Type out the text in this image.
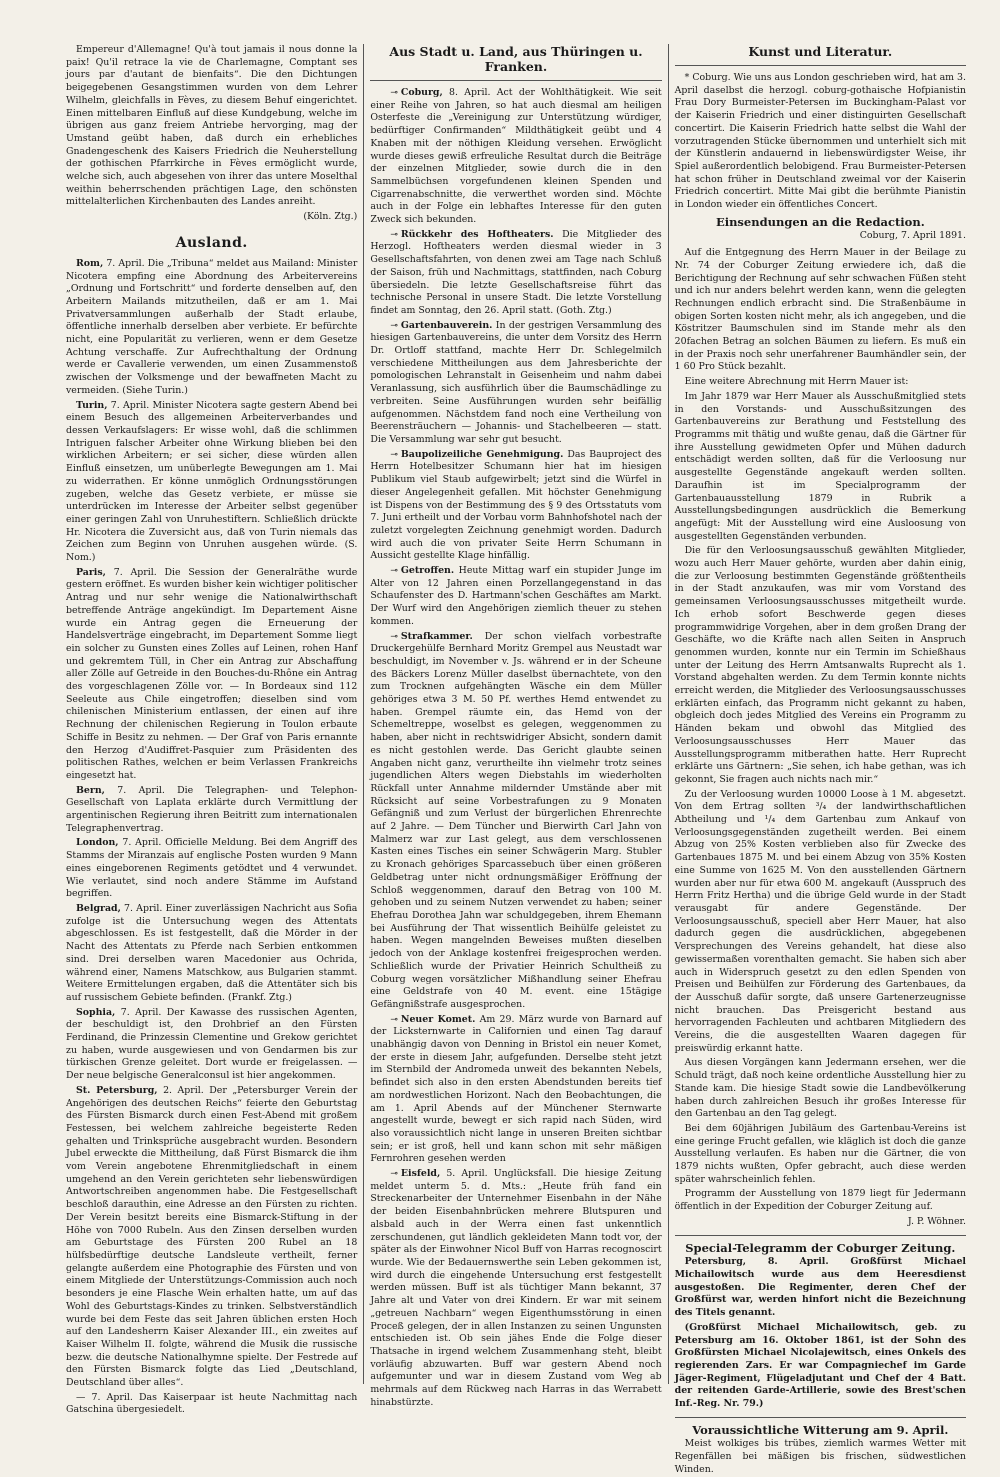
Empereur d'Allemagne! Qu'à tout jamais il nous donne la paix! Qu'il retrace la vie de Charlemagne, Comptant ses jours par d'autant de bienfaits“. Die den Dichtungen beigegebenen Gesangstimmen wurden von dem Lehrer Wilhelm, gleichfalls in Fèves, zu diesem Behuf eingerichtet. Einen mittelbaren Einfluß auf diese Kundgebung, welche im übrigen aus ganz freiem Antriebe hervorging, mag der Umstand geübt haben, daß durch ein erhebliches Gnadengeschenk des Kaisers Friedrich die Neuherstellung der gothischen Pfarrkirche in Fèves ermöglicht wurde, welche sich, auch abgesehen von ihrer das untere Moselthal weithin beherrschenden prächtigen Lage, den schönsten mittelalterlichen Kirchenbauten des Landes anreiht.

(Köln. Ztg.)
Ausland.

Rom, 7. April. Die „Tribuna“ meldet aus Mailand: Minister Nicotera empfing eine Abordnung des Arbeitervereins „Ordnung und Fortschritt“ und forderte denselben auf, den Arbeitern Mailands mitzutheilen, daß er am 1. Mai Privatversammlungen außerhalb der Stadt erlaube, öffentliche innerhalb derselben aber verbiete. Er befürchte nicht, eine Popularität zu verlieren, wenn er dem Gesetze Achtung verschaffe. Zur Aufrechthaltung der Ordnung werde er Cavallerie verwenden, um einen Zusammenstoß zwischen der Volksmenge und der bewaffneten Macht zu vermeiden. (Siehe Turin.)

Turin, 7. April. Minister Nicotera sagte gestern Abend bei einem Besuch des allgemeinen Arbeiterverbandes und dessen Verkaufslagers: Er wisse wohl, daß die schlimmen Intriguen falscher Arbeiter ohne Wirkung blieben bei den wirklichen Arbeitern; er sei sicher, diese würden allen Einfluß einsetzen, um unüberlegte Bewegungen am 1. Mai zu widerrathen. Er könne unmöglich Ordnungsstörungen zugeben, welche das Gesetz verbiete, er müsse sie unterdrücken im Interesse der Arbeiter selbst gegenüber einer geringen Zahl von Unruhestiftern. Schließlich drückte Hr. Nicotera die Zuversicht aus, daß von Turin niemals das Zeichen zum Beginn von Unruhen ausgehen würde. (S. Nom.)

Paris, 7. April. Die Session der Generalräthe wurde gestern eröffnet. Es wurden bisher kein wichtiger politischer Antrag und nur sehr wenige die Nationalwirthschaft betreffende Anträge angekündigt. Im Departement Aisne wurde ein Antrag gegen die Erneuerung der Handelsverträge eingebracht, im Departement Somme liegt ein solcher zu Gunsten eines Zolles auf Leinen, rohen Hanf und gekremtem Tüll, in Cher ein Antrag zur Abschaffung aller Zölle auf Getreide in den Bouches-du-Rhône ein Antrag des vorgeschlagenen Zölle vor. — In Bordeaux sind 112 Seeleute aus Chile eingetroffen; dieselben sind vom chilenischen Ministerium entlassen, der einen auf ihre Rechnung der chilenischen Regierung in Toulon erbaute Schiffe in Besitz zu nehmen. — Der Graf von Paris ernannte den Herzog d'Audiffret-Pasquier zum Präsidenten des politischen Rathes, welchen er beim Verlassen Frankreichs eingesetzt hat.

Bern, 7. April. Die Telegraphen- und Telephon-Gesellschaft von Laplata erklärte durch Vermittlung der argentinischen Regierung ihren Beitritt zum internationalen Telegraphenvertrag.

London, 7. April. Officielle Meldung. Bei dem Angriff des Stamms der Miranzais auf englische Posten wurden 9 Mann eines eingeborenen Regiments getödtet und 4 verwundet. Wie verlautet, sind noch andere Stämme im Aufstand begriffen.

Belgrad, 7. April. Einer zuverlässigen Nachricht aus Sofia zufolge ist die Untersuchung wegen des Attentats abgeschlossen. Es ist festgestellt, daß die Mörder in der Nacht des Attentats zu Pferde nach Serbien entkommen sind. Drei derselben waren Macedonier aus Ochrida, während einer, Namens Matschkow, aus Bulgarien stammt. Weitere Ermittelungen ergaben, daß die Attentäter sich bis auf russischem Gebiete befinden. (Frankf. Ztg.)

Sophia, 7. April. Der Kawasse des russischen Agenten, der beschuldigt ist, den Drohbrief an den Fürsten Ferdinand, die Prinzessin Clementine und Grekow gerichtet zu haben, wurde ausgewiesen und von Gendarmen bis zur türkischen Grenze geleitet. Dort wurde er freigelassen. — Der neue belgische Generalconsul ist hier angekommen.

St. Petersburg, 2. April. Der „Petersburger Verein der Angehörigen des deutschen Reichs“ feierte den Geburtstag des Fürsten Bismarck durch einen Fest-Abend mit großem Festessen, bei welchem zahlreiche begeisterte Reden gehalten und Trinksprüche ausgebracht wurden. Besondern Jubel erweckte die Mittheilung, daß Fürst Bismarck die ihm vom Verein angebotene Ehrenmitgliedschaft in einem umgehend an den Verein gerichteten sehr liebenswürdigen Antwortschreiben angenommen habe. Die Festgesellschaft beschloß darauthin, eine Adresse an den Fürsten zu richten. Der Verein besitzt bereits eine Bismarck-Stiftung in der Höhe von 7000 Rubeln. Aus den Zinsen derselben wurden am Geburtstage des Fürsten 200 Rubel an 18 hülfsbedürftige deutsche Landsleute vertheilt, ferner gelangte außerdem eine Photographie des Fürsten und von einem Mitgliede der Unterstützungs-Commission auch noch besonders je eine Flasche Wein erhalten hatte, um auf das Wohl des Geburtstags-Kindes zu trinken. Selbstverständlich wurde bei dem Feste das seit Jahren üblichen ersten Hoch auf den Landesherrn Kaiser Alexander III., ein zweites auf Kaiser Wilhelm II. folgte, während die Musik die russische bezw. die deutsche Nationalhymne spielte. Der Festrede auf den Fürsten Bismarck folgte das Lied „Deutschland, Deutschland über alles“.

— 7. April. Das Kaiserpaar ist heute Nachmittag nach Gatschina übergesiedelt.

Aus Stadt u. Land, aus Thüringen u. Franken.

⊸ Coburg, 8. April. Act der Wohlthätigkeit. Wie seit einer Reihe von Jahren, so hat auch diesmal am heiligen Osterfeste die „Vereinigung zur Unterstützung würdiger, bedürftiger Confirmanden“ Mildthätigkeit geübt und 4 Knaben mit der nöthigen Kleidung versehen. Erwöglicht wurde dieses gewiß erfreuliche Resultat durch die Beiträge der einzelnen Mitglieder, sowie durch die in den Sammelbüchsen vorgefundenen kleinen Spenden und Cigarrenabschnitte, die verwerthet worden sind. Möchte auch in der Folge ein lebhaftes Interesse für den guten Zweck sich bekunden.

⊸ Rückkehr des Hoftheaters. Die Mitglieder des Herzogl. Hoftheaters werden diesmal wieder in 3 Gesellschaftsfahrten, von denen zwei am Tage nach Schluß der Saison, früh und Nachmittags, stattfinden, nach Coburg übersiedeln. Die letzte Gesellschaftsreise führt das technische Personal in unsere Stadt. Die letzte Vorstellung findet am Sonntag, den 26. April statt. (Goth. Ztg.)

⊸ Gartenbauverein. In der gestrigen Versammlung des hiesigen Gartenbauvereins, die unter dem Vorsitz des Herrn Dr. Ortloff stattfand, machte Herr Dr. Schlegelmilch verschiedene Mittheilungen aus dem Jahresberichte der pomologischen Lehranstalt in Geisenheim und nahm dabei Veranlassung, sich ausführlich über die Baumschädlinge zu verbreiten. Seine Ausführungen wurden sehr beifällig aufgenommen. Nächstdem fand noch eine Vertheilung von Beerensträuchern — Johannis- und Stachelbeeren — statt. Die Versammlung war sehr gut besucht.

⊸ Baupolizeiliche Genehmigung. Das Bauproject des Herrn Hotelbesitzer Schumann hier hat im hiesigen Publikum viel Staub aufgewirbelt; jetzt sind die Würfel in dieser Angelegenheit gefallen. Mit höchster Genehmigung ist Dispens von der Bestimmung des § 9 des Ortsstatuts vom 7. Juni ertheilt und der Vorbau vorm Bahnhofshotel nach der zuletzt vorgelegten Zeichnung genehmigt worden. Dadurch wird auch die von privater Seite Herrn Schumann in Aussicht gestellte Klage hinfällig.

⊸ Getroffen. Heute Mittag warf ein stupider Junge im Alter von 12 Jahren einen Porzellangegenstand in das Schaufenster des D. Hartmann'schen Geschäftes am Markt. Der Wurf wird den Angehörigen ziemlich theuer zu stehen kommen.

⊸ Strafkammer. Der schon vielfach vorbestrafte Druckergehülfe Bernhard Moritz Grempel aus Neustadt war beschuldigt, im November v. Js. während er in der Scheune des Bäckers Lorenz Müller daselbst übernachtete, von den zum Trocknen aufgehängten Wäsche ein dem Müller gehöriges etwa 3 M. 50 Pf. werthes Hemd entwendet zu haben. Grempel räumte ein, das Hemd von der Schemeltreppe, woselbst es gelegen, weggenommen zu haben, aber nicht in rechtswidriger Absicht, sondern damit es nicht gestohlen werde. Das Gericht glaubte seinen Angaben nicht ganz, verurtheilte ihn vielmehr trotz seines jugendlichen Alters wegen Diebstahls im wiederholten Rückfall unter Annahme mildernder Umstände aber mit Rücksicht auf seine Vorbestrafungen zu 9 Monaten Gefängniß und zum Verlust der bürgerlichen Ehrenrechte auf 2 Jahre. — Dem Tüncher und Bierwirth Carl Jahn von Malmerz war zur Last gelegt, aus dem verschlossenen Kasten eines Tisches ein seiner Schwägerin Marg. Stubler zu Kronach gehöriges Sparcassebuch über einen größeren Geldbetrag unter nicht ordnungsmäßiger Eröffnung der Schloß weggenommen, darauf den Betrag von 100 M. gehoben und zu seinem Nutzen verwendet zu haben; seiner Ehefrau Dorothea Jahn war schuldgegeben, ihrem Ehemann bei Ausführung der That wissentlich Beihülfe geleistet zu haben. Wegen mangelnden Beweises mußten dieselben jedoch von der Anklage kostenfrei freigesprochen werden. Schließlich wurde der Privatier Heinrich Schultheiß zu Coburg wegen vorsätzlicher Mißhandlung seiner Ehefrau eine Geldstrafe von 40 M. event. eine 15tägige Gefängnißstrafe ausgesprochen.

⊸ Neuer Komet. Am 29. März wurde von Barnard auf der Licksternwarte in Californien und einen Tag darauf unabhängig davon von Denning in Bristol ein neuer Komet, der erste in diesem Jahr, aufgefunden. Derselbe steht jetzt im Sternbild der Andromeda unweit des bekannten Nebels, befindet sich also in den ersten Abendstunden bereits tief am nordwestlichen Horizont. Nach den Beobachtungen, die am 1. April Abends auf der Münchener Sternwarte angestellt wurde, bewegt er sich rapid nach Süden, wird also voraussichtlich nicht lange in unseren Breiten sichtbar sein; er ist groß, hell und kann schon mit sehr mäßigen Fernrohren gesehen werden

⊸ Eisfeld, 5. April. Unglücksfall. Die hiesige Zeitung meldet unterm 5. d. Mts.: „Heute früh fand ein Streckenarbeiter der Unternehmer Eisenbahn in der Nähe der beiden Eisenbahnbrücken mehrere Blutspuren und alsbald auch in der Werra einen fast unkenntlich zerschundenen, gut ländlich gekleideten Mann todt vor, der später als der Einwohner Nicol Buff von Harras recognoscirt wurde. Wie der Bedauernswerthe sein Leben gekommen ist, wird durch die eingehende Untersuchung erst festgestellt werden müssen. Buff ist als tüchtiger Mann bekannt, 37 Jahre alt und Vater von drei Kindern. Er war mit seinem „getreuen Nachbarn“ wegen Eigenthumsstörung in einen Proceß gelegen, der in allen Instanzen zu seinen Ungunsten entschieden ist. Ob sein jähes Ende die Folge dieser Thatsache in irgend welchem Zusammenhang steht, bleibt vorläufig abzuwarten. Buff war gestern Abend noch aufgemunter und war in diesem Zustand vom Weg ab mehrmals auf dem Rückweg nach Harras in das Werrabett hinabstürzte.

Kunst und Literatur.

* Coburg. Wie uns aus London geschrieben wird, hat am 3. April daselbst die herzogl. coburg-gothaische Hofpianistin Frau Dory Burmeister-Petersen im Buckingham-Palast vor der Kaiserin Friedrich und einer distinguirten Gesellschaft concertirt. Die Kaiserin Friedrich hatte selbst die Wahl der vorzutragenden Stücke übernommen und unterhielt sich mit der Künstlerin andauernd in liebenswürdigster Weise, ihr Spiel außerordentlich belobigend. Frau Burmeister-Petersen hat schon früher in Deutschland zweimal vor der Kaiserin Friedrich concertirt. Mitte Mai gibt die berühmte Pianistin in London wieder ein öffentliches Concert.

Einsendungen an die Redaction.
Coburg, 7. April 1891.

Auf die Entgegnung des Herrn Mauer in der Beilage zu Nr. 74 der Coburger Zeitung erwiedere ich, daß die Berichtigung der Rechnung auf sehr schwachen Füßen steht und ich nur anders belehrt werden kann, wenn die gelegten Rechnungen endlich erbracht sind. Die Straßenbäume in obigen Sorten kosten nicht mehr, als ich angegeben, und die Köstritzer Baumschulen sind im Stande mehr als den 20fachen Betrag an solchen Bäumen zu liefern. Es muß ein in der Praxis noch sehr unerfahrener Baumhändler sein, der 1 60 Pro Stück bezahlt.

Eine weitere Abrechnung mit Herrn Mauer ist:

Im Jahr 1879 war Herr Mauer als Ausschußmitglied stets in den Vorstands- und Ausschußsitzungen des Gartenbauvereins zur Berathung und Feststellung des Programms mit thätig und wußte genau, daß die Gärtner für ihre Ausstellung gewidmeten Opfer und Mühen dadurch entschädigt werden sollten, daß für die Verloosung nur ausgestellte Gegenstände angekauft werden sollten. Daraufhin ist im Specialprogramm der Gartenbauausstellung 1879 in Rubrik a Ausstellungsbedingungen ausdrücklich die Bemerkung angefügt: Mit der Ausstellung wird eine Ausloosung von ausgestellten Gegenständen verbunden.

Die für den Verloosungsausschuß gewählten Mitglieder, wozu auch Herr Mauer gehörte, wurden aber dahin einig, die zur Verloosung bestimmten Gegenstände größtentheils in der Stadt anzukaufen, was mir vom Vorstand des gemeinsamen Verloosungsausschusses mitgetheilt wurde. Ich erhob sofort Beschwerde gegen dieses programmwidrige Vorgehen, aber in dem großen Drang der Geschäfte, wo die Kräfte nach allen Seiten in Anspruch genommen wurden, konnte nur ein Termin im Schießhaus unter der Leitung des Herrn Amtsanwalts Ruprecht als 1. Vorstand abgehalten werden. Zu dem Termin konnte nichts erreicht werden, die Mitglieder des Verloosungsausschusses erklärten einfach, das Programm nicht gekannt zu haben, obgleich doch jedes Mitglied des Vereins ein Programm zu Händen bekam und obwohl das Mitglied des Verloosungsausschusses Herr Mauer das Ausstellungsprogramm mitberathen hatte. Herr Ruprecht erklärte uns Gärtnern: „Sie sehen, ich habe gethan, was ich gekonnt, Sie fragen auch nichts nach mir.“

Zu der Verloosung wurden 10000 Loose à 1 M. abgesetzt. Von dem Ertrag sollten ³/₄ der landwirthschaftlichen Abtheilung und ¹/₄ dem Gartenbau zum Ankauf von Verloosungsgegenständen zugetheilt werden. Bei einem Abzug von 25% Kosten verblieben also für Zwecke des Gartenbaues 1875 M. und bei einem Abzug von 35% Kosten eine Summe von 1625 M. Von den ausstellenden Gärtnern wurden aber nur für etwa 600 M. angekauft (Ausspruch des Herrn Fritz Hertha) und die übrige Geld wurde in der Stadt verausgabt für andere Gegenstände. Der Verloosungsausschuß, speciell aber Herr Mauer, hat also dadurch gegen die ausdrücklichen, abgegebenen Versprechungen des Vereins gehandelt, hat diese also gewissermaßen vorenthalten gemacht. Sie haben sich aber auch in Widerspruch gesetzt zu den edlen Spenden von Preisen und Beihülfen zur Förderung des Gartenbaues, da der Ausschuß dafür sorgte, daß unsere Gartenerzeugnisse nicht brauchen. Das Preisgericht bestand aus hervorragenden Fachleuten und achtbaren Mitgliedern des Vereins, die die ausgestellten Waaren dagegen für preiswürdig erkannt hatte.

Aus diesen Vorgängen kann Jedermann ersehen, wer die Schuld trägt, daß noch keine ordentliche Ausstellung hier zu Stande kam. Die hiesige Stadt sowie die Landbevölkerung haben durch zahlreichen Besuch ihr großes Interesse für den Gartenbau an den Tag gelegt.

Bei dem 60jährigen Jubiläum des Gartenbau-Vereins ist eine geringe Frucht gefallen, wie kläglich ist doch die ganze Ausstellung verlaufen. Es haben nur die Gärtner, die von 1879 nichts wußten, Opfer gebracht, auch diese werden später wahrscheinlich fehlen.

Programm der Ausstellung von 1879 liegt für Jedermann öffentlich in der Expedition der Coburger Zeitung auf.

J. P. Wöhner.
Special-Telegramm der Coburger Zeitung.

Petersburg, 8. April. Großfürst Michael Michailowitsch wurde aus dem Heeresdienst ausgestoßen. Die Regimenter, deren Chef der Großfürst war, werden hinfort nicht die Bezeichnung des Titels genannt.

(Großfürst Michael Michailowitsch, geb. zu Petersburg am 16. Oktober 1861, ist der Sohn des Großfürsten Michael Nicolajewitsch, eines Onkels des regierenden Zars. Er war Compagniechef im Garde Jäger-Regiment, Flügeladjutant und Chef der 4 Batt. der reitenden Garde-Artillerie, sowie des Brest'schen Inf.-Reg. Nr. 79.)

Voraussichtliche Witterung am 9. April.

Meist wolkiges bis trübes, ziemlich warmes Wetter mit Regenfällen bei mäßigen bis frischen, südwestlichen Winden.
